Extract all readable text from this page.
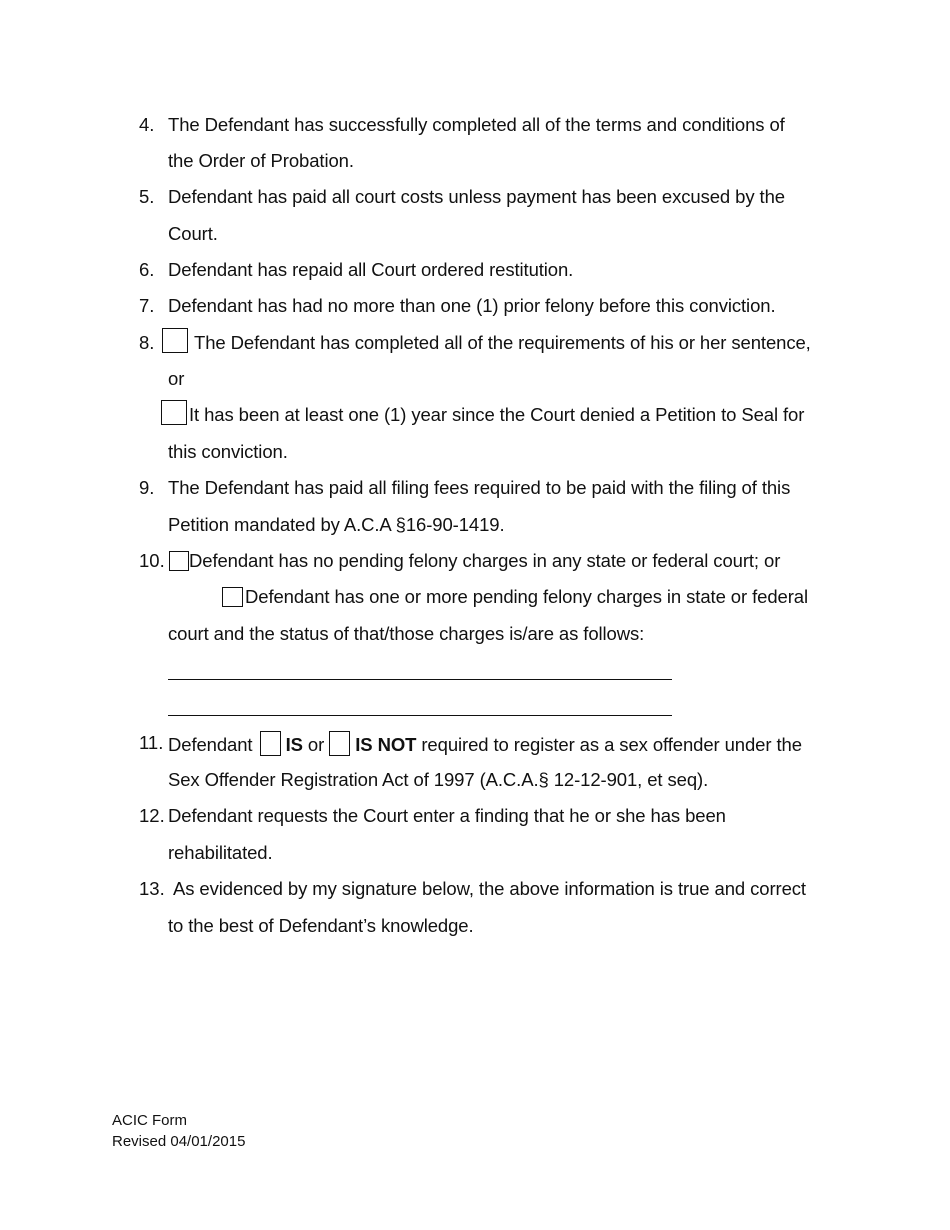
4. The Defendant has successfully completed all of the terms and conditions of
the Order of Probation.
5. Defendant has paid all court costs unless payment has been excused by the
Court.
6. Defendant has repaid all Court ordered restitution.
7. Defendant has had no more than one (1) prior felony before this conviction.
8. The Defendant has completed all of the requirements of his or her sentence,
or
It has been at least one (1) year since the Court denied a Petition to Seal for
this conviction.
9. The Defendant has paid all filing fees required to be paid with the filing of this
Petition mandated by A.C.A §16-90-1419.
10. Defendant has no pending felony charges in any state or federal court; or
Defendant has one or more pending felony charges in state or federal
court and the status of that/those charges is/are as follows:
11. Defendant IS or IS NOT required to register as a sex offender under the
Sex Offender Registration Act of 1997 (A.C.A.§ 12-12-901, et seq).
12. Defendant requests the Court enter a finding that he or she has been
rehabilitated.
13. As evidenced by my signature below, the above information is true and correct
to the best of Defendant’s knowledge.
ACIC Form
Revised 04/01/2015
